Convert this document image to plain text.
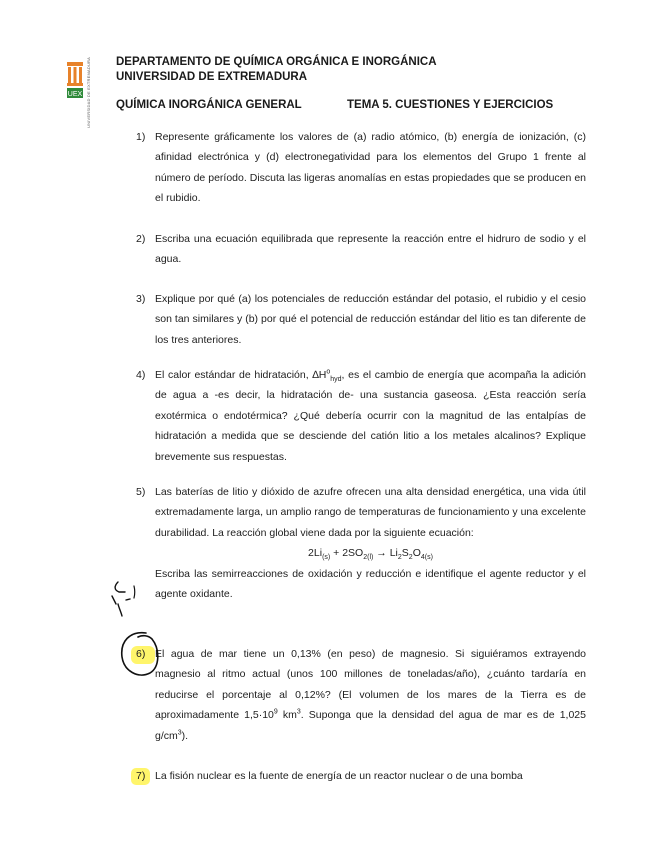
UEX UNIVERSIDAD DE EXTREMADURA DEPARTAMENTO DE QUÍMICA ORGÁNICA E INORGÁNICA
UNIVERSIDAD DE EXTREMADURA
QUÍMICA INORGÁNICA GENERAL	TEMA 5. CUESTIONES Y EJERCICIOS
1) Represente gráficamente los valores de (a) radio atómico, (b) energía de ionización, (c) afinidad electrónica y (d) electronegatividad para los elementos del Grupo 1 frente al número de período. Discuta las ligeras anomalías en estas propiedades que se producen en el rubidio.
2) Escriba una ecuación equilibrada que represente la reacción entre el hidruro de sodio y el agua.
3) Explique por qué (a) los potenciales de reducción estándar del potasio, el rubidio y el cesio son tan similares y (b) por qué el potencial de reducción estándar del litio es tan diferente de los tres anteriores.
4) El calor estándar de hidratación, $\Delta H^o_{hyd}$, es el cambio de energía que acompaña la adición de agua a -es decir, la hidratación de- una sustancia gaseosa. ¿Esta reacción sería exotérmica o endotérmica? ¿Qué debería ocurrir con la magnitud de las entalpías de hidratación a medida que se desciende del catión litio a los metales alcalinos? Explique brevemente sus respuestas.
5) Las baterías de litio y dióxido de azufre ofrecen una alta densidad energética, una vida útil extremadamente larga, un amplio rango de temperaturas de funcionamiento y una excelente durabilidad. La reacción global viene dada por la siguiente ecuación:
$2Li_{(s)} + 2SO_{2(l)} \to Li_2S_2O_{4(s)}$
Escriba las semirreacciones de oxidación y reducción e identifique el agente reductor y el agente oxidante.
6) El agua de mar tiene un 0,13% (en peso) de magnesio. Si siguiéramos extrayendo magnesio al ritmo actual (unos 100 millones de toneladas/año), ¿cuánto tardaría en reducirse el porcentaje al 0,12%? (El volumen de los mares de la Tierra es de aproximadamente $1,5\cdot 10^9$ $km^3$. Suponga que la densidad del agua de mar es de 1,025 $g/cm^3$).
7) La fisión nuclear es la fuente de energía de un reactor nuclear o de una bomba
